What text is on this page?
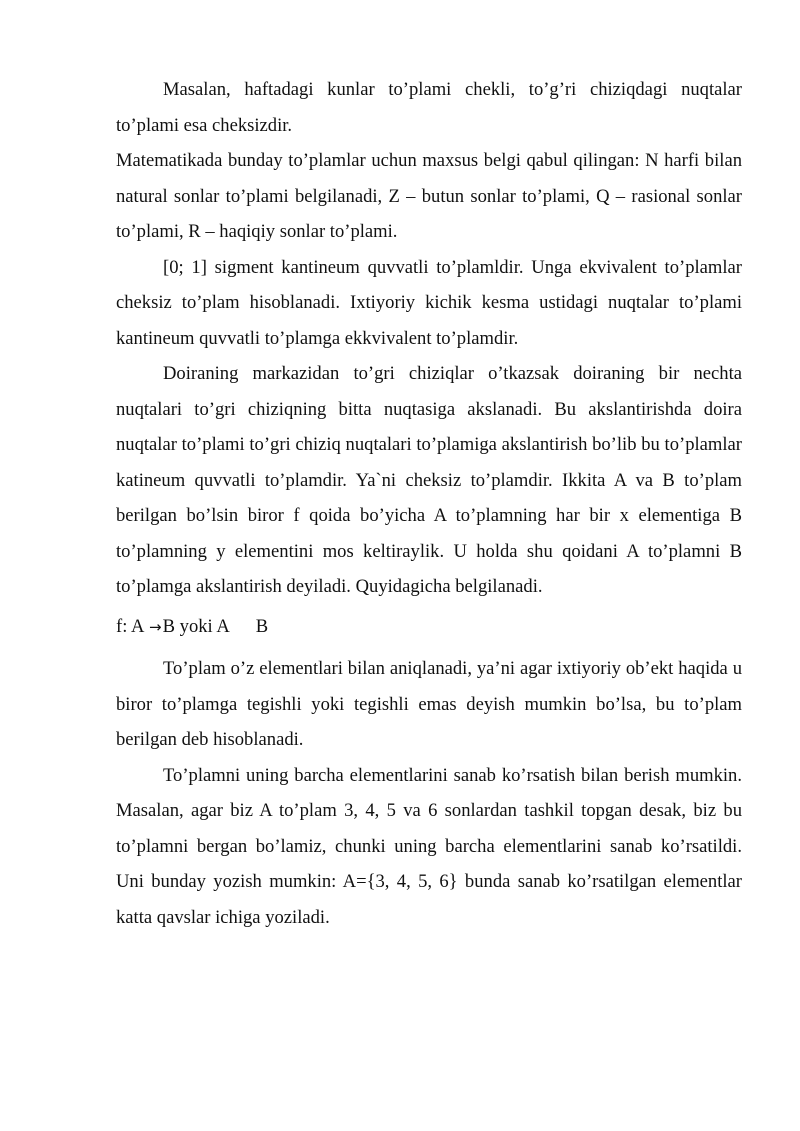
Masalan, haftadagi kunlar to’plami chekli, to’g’ri chiziqdagi nuqtalar to’plami esa cheksizdir.

Matematikada bunday to’plamlar uchun maxsus belgi qabul qilingan: N harfi bilan natural sonlar to’plami belgilanadi, Z – butun sonlar to’plami, Q – rasional sonlar to’plami, R – haqiqiy sonlar to’plami.

[0; 1] sigment kantineum quvvatli to’plamldir. Unga ekvivalent to’plamlar cheksiz to’plam hisoblanadi. Ixtiyoriy kichik kesma ustidagi nuqtalar to’plami kantineum quvvatli to’plamga ekkvivalent to’plamdir.

Doiraning markazidan to’gri chiziqlar o’tkazsak doiraning bir nechta nuqtalari to’gri chiziqning bitta nuqtasiga akslanadi. Bu akslantirishda doira nuqtalar to’plami to’gri chiziq nuqtalari to’plamiga akslantirish bo’lib bu to’plamlar katineum quvvatli to’plamdir. Ya`ni cheksiz to’plamdir. Ikkita A va B to’plam berilgan bo’lsin biror f qoida bo’yicha A to’plamning har bir x elementiga B to’plamning y elementini mos keltiraylik. U holda shu qoidani A to’plamni B to’plamga akslantirish deyiladi. Quyidagicha belgilanadi.

f: A →B yoki A B

To’plam o’z elementlari bilan aniqlanadi, ya’ni agar ixtiyoriy ob’ekt haqida u biror to’plamga tegishli yoki tegishli emas deyish mumkin bo’lsa, bu to’plam berilgan deb hisoblanadi.

To’plamni uning barcha elementlarini sanab ko’rsatish bilan berish mumkin. Masalan, agar biz A to’plam 3, 4, 5 va 6 sonlardan tashkil topgan desak, biz bu to’plamni bergan bo’lamiz, chunki uning barcha elementlarini sanab ko’rsatildi. Uni bunday yozish mumkin: A={3, 4, 5, 6} bunda sanab ko’rsatilgan elementlar katta qavslar ichiga yoziladi.
